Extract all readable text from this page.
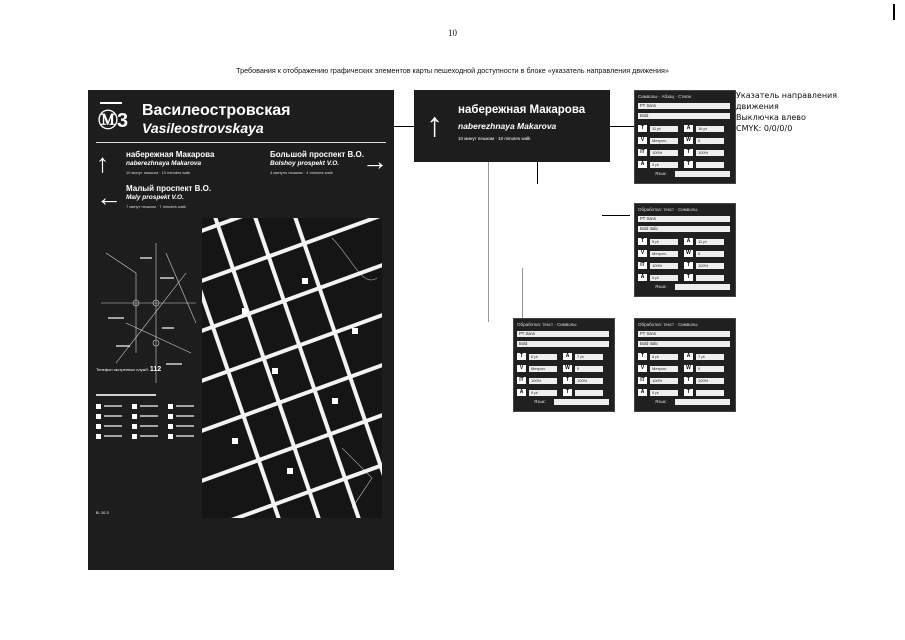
10
Требования к отображению графических элементов карты пешеходной доступности в блоке «указатель направления движения»
Ⓜ3 Василеостровская
Vasileostrovskaya
↑ набережная Макарова
naberezhnaya Makarova
10 минут пешком · 10 minutes walk
Большой проспект В.О.
Bolshoy prospekt V.O.
4 минуты пешком · 4 minutes walk →
← Малый проспект В.О.
Maly prospekt V.O.
7 минут пешком · 7 minutes walk
Телефон экстренных служб: 112
В: 10.3
↑ набережная Макарова
naberezhnaya Makarova
10 минут пешком · 10 minutes walk
Символы · Абзац · Стили
PT Sans
Bold
T	11 pt	A	16 pt
V	Метрич.	W	0
IT	100%	T	100%
A	0 pt	T
Язык:
Обработка: текст · Символы
PT Sans
Bold Italic
T	9 pt	A	11 pt
V	Метрич.	W	0
IT	100%	T	100%
A	0 pt	T
Язык:
Обработка: текст · Символы
PT Sans
Bold
T	6 pt	A	7 pt
V	Метрич.	W	0
IT	100%	T	100%
A	0 pt	T
Язык:
Обработка: текст · Символы
PT Sans
Bold Italic
T	6 pt	A	7 pt
V	Метрич.	W	0
IT	100%	T	100%
A	0 pt	T
Язык:
Указатель направления
движения
Выключка влево
CMYK: 0/0/0/0
